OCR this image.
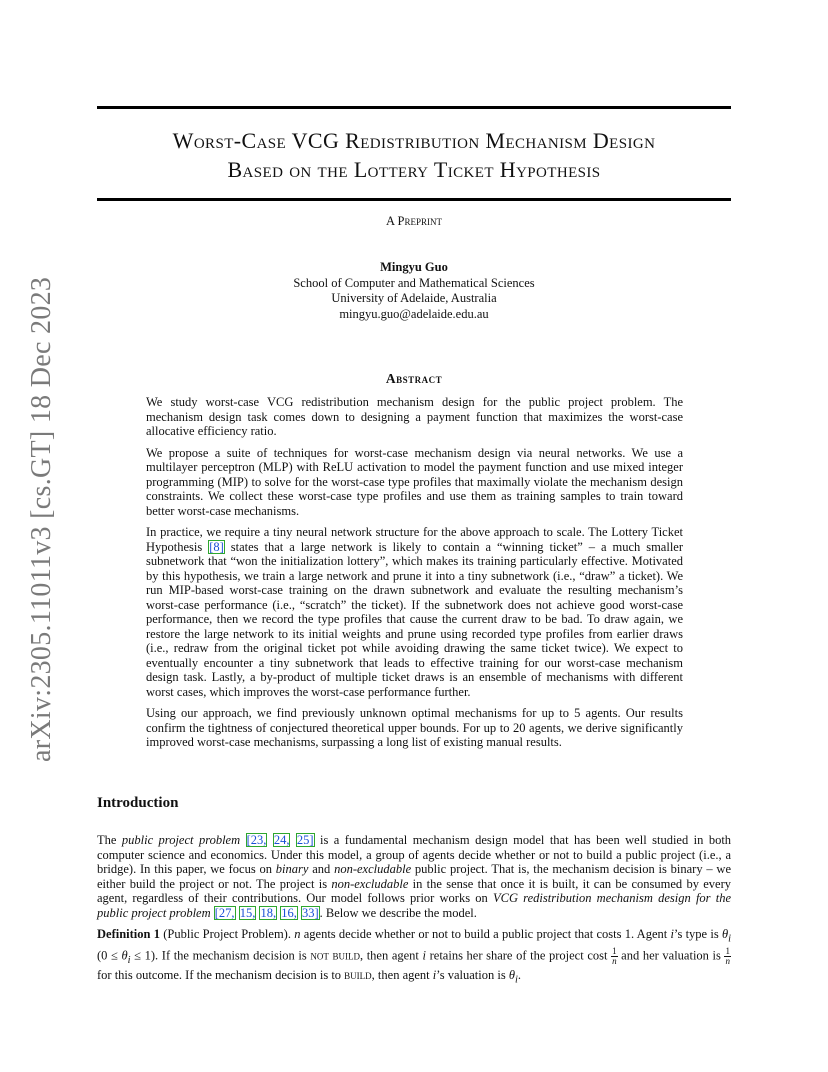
Worst-Case VCG Redistribution Mechanism Design
Based on the Lottery Ticket Hypothesis
A Preprint
Mingyu Guo
School of Computer and Mathematical Sciences
University of Adelaide, Australia
mingyu.guo@adelaide.edu.au
arXiv:2305.11011v3 [cs.GT] 18 Dec 2023	Abstract

We study worst-case VCG redistribution mechanism design for the public project problem. The mechanism design task comes down to designing a payment function that maximizes the worst-case allocative efficiency ratio.

We propose a suite of techniques for worst-case mechanism design via neural networks. We use a multilayer perceptron (MLP) with ReLU activation to model the payment function and use mixed integer programming (MIP) to solve for the worst-case type profiles that maximally violate the mechanism design constraints. We collect these worst-case type profiles and use them as training samples to train toward better worst-case mechanisms.

In practice, we require a tiny neural network structure for the above approach to scale. The Lottery Ticket Hypothesis [8] states that a large network is likely to contain a “winning ticket” – a much smaller subnetwork that “won the initialization lottery”, which makes its training particularly effective. Motivated by this hypothesis, we train a large network and prune it into a tiny subnetwork (i.e., “draw” a ticket). We run MIP-based worst-case training on the drawn subnetwork and evaluate the resulting mechanism’s worst-case performance (i.e., “scratch” the ticket). If the subnetwork does not achieve good worst-case performance, then we record the type profiles that cause the current draw to be bad. To draw again, we restore the large network to its initial weights and prune using recorded type profiles from earlier draws (i.e., redraw from the original ticket pot while avoiding drawing the same ticket twice). We expect to eventually encounter a tiny subnetwork that leads to effective training for our worst-case mechanism design task. Lastly, a by-product of multiple ticket draws is an ensemble of mechanisms with different worst cases, which improves the worst-case performance further.

Using our approach, we find previously unknown optimal mechanisms for up to 5 agents. Our results confirm the tightness of conjectured theoretical upper bounds. For up to 20 agents, we derive significantly improved worst-case mechanisms, surpassing a long list of existing manual results.

Introduction

The public project problem [23, 24, 25] is a fundamental mechanism design model that has been well studied in both computer science and economics. Under this model, a group of agents decide whether or not to build a public project (i.e., a bridge). In this paper, we focus on binary and non-excludable public project. That is, the mechanism decision is binary – we either build the project or not. The project is non-excludable in the sense that once it is built, it can be consumed by every agent, regardless of their contributions. Our model follows prior works on VCG redistribution mechanism design for the public project problem [27, 15, 18, 16, 33]. Below we describe the model.

Definition 1 (Public Project Problem). n agents decide whether or not to build a public project that costs 1. Agent i’s type is $\theta_i$ $(0 \le \theta_i \le 1)$. If the mechanism decision is not build, then agent i retains her share of the project cost $\frac{1}{n}$ and her valuation is $\frac{1}{n}$
for this outcome. If the mechanism decision is to build, then agent i’s valuation is $\theta_i$.
